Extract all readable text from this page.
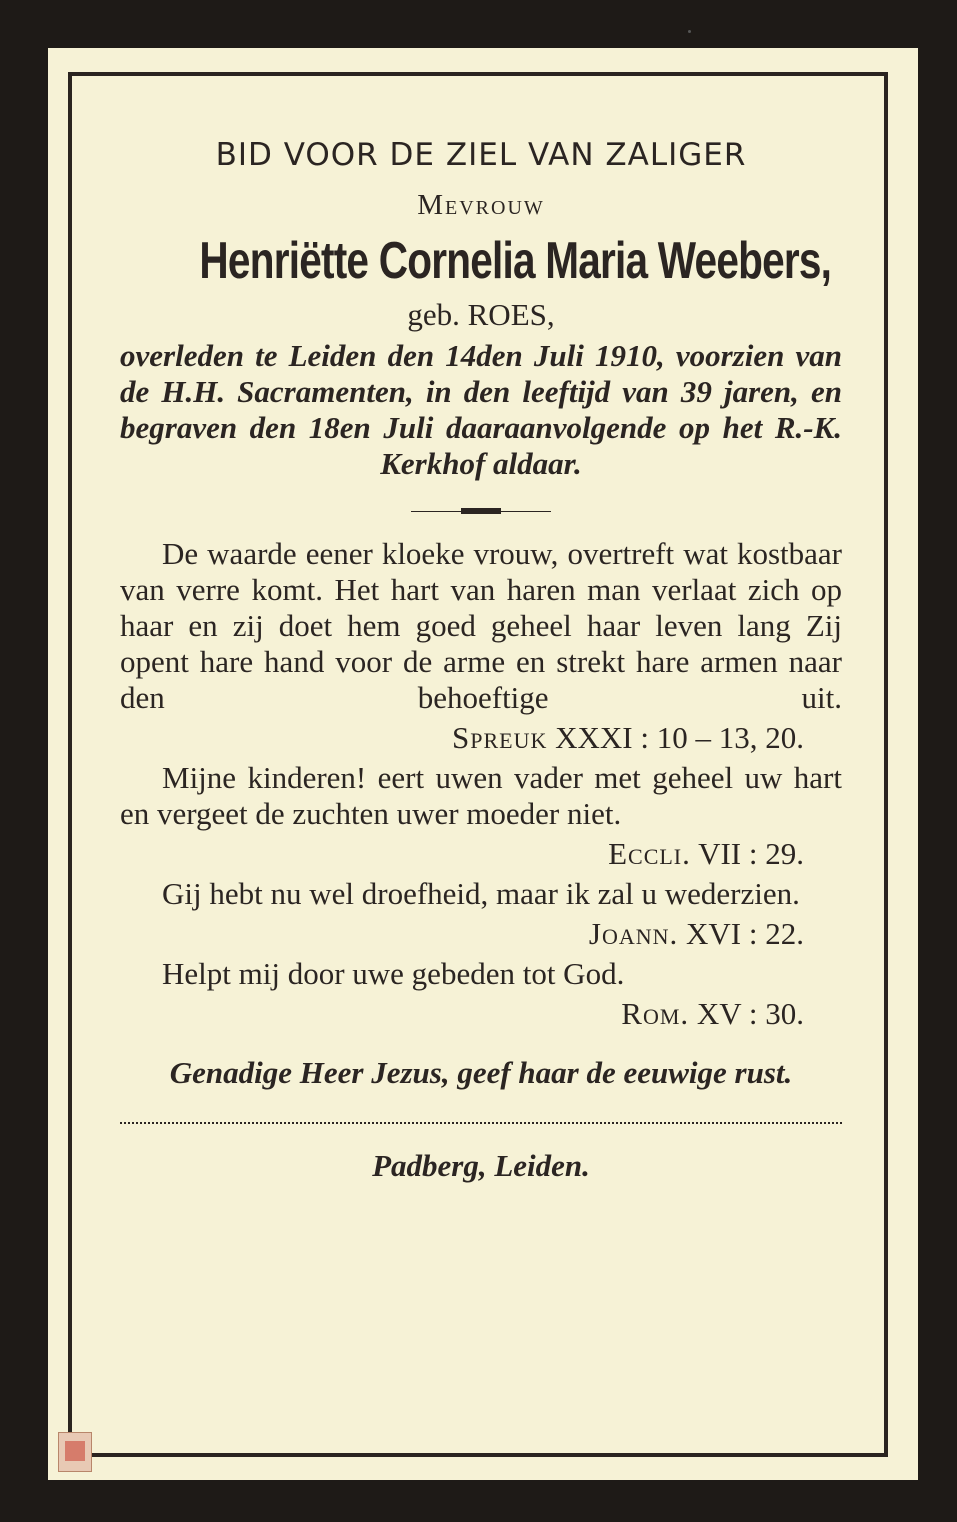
BID VOOR DE ZIEL VAN ZALIGER
Mevrouw
Henriëtte Cornelia Maria Weebers,
geb. ROES,
overleden te Leiden den 14den Juli 1910, voorzien van de H.H. Sacramenten, in den leeftijd van 39 jaren, en begraven den 18en Juli daaraanvolgende op het R.-K. Kerkhof aldaar.

De waarde eener kloeke vrouw, overtreft wat kostbaar van verre komt. Het hart van haren man verlaat zich op haar en zij doet hem goed geheel haar leven lang Zij opent hare hand voor de arme en strekt hare armen naar den behoeftige uit.

Spreuk XXXI : 10 – 13, 20.

Mijne kinderen! eert uwen vader met geheel uw hart en vergeet de zuchten uwer moeder niet.

Eccli. VII : 29.

Gij hebt nu wel droefheid, maar ik zal u wederzien.

Joann. XVI : 22.

Helpt mij door uwe gebeden tot God.

Rom. XV : 30.
Genadige Heer Jezus, geef haar de eeuwige rust.
Padberg, Leiden.
